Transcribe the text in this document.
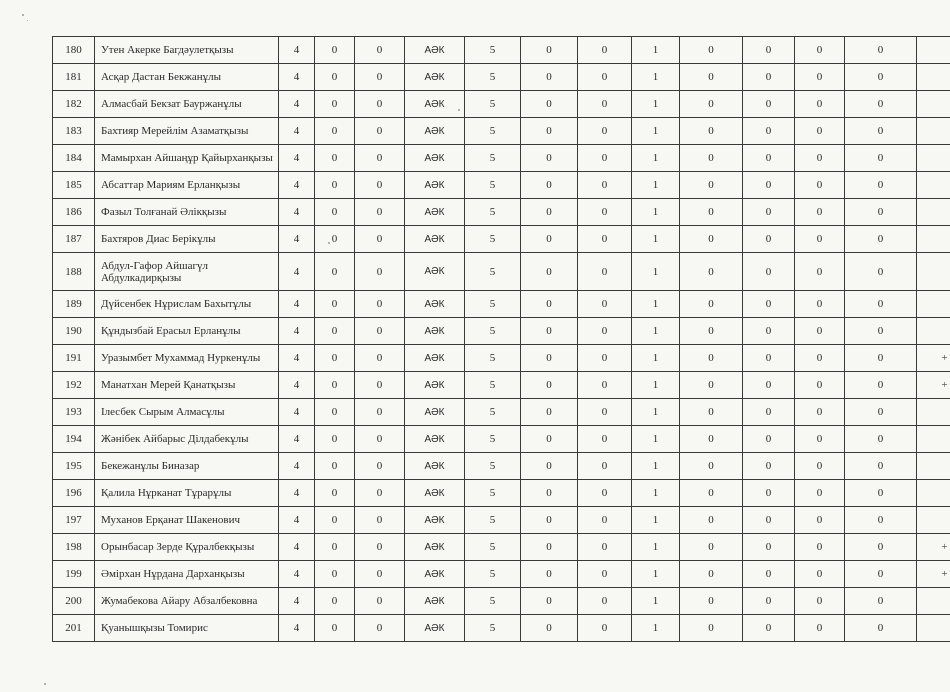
180	Утен Акерке Багдәулетқызы	4	0	0	АӘК	5	0	0	1	0	0	0	0	
181	Асқар Дастан Бекжанұлы	4	0	0	АӘК	5	0	0	1	0	0	0	0	
182	Алмасбай Бекзат Бауржанұлы	4	0	0	АӘК	5	0	0	1	0	0	0	0	
183	Бахтияр Мерейлім Азаматқызы	4	0	0	АӘК	5	0	0	1	0	0	0	0	
184	Мамырхан Айшаңұр Қайырханқызы	4	0	0	АӘК	5	0	0	1	0	0	0	0	
185	Абсаттар Мариям Ерланқызы	4	0	0	АӘК	5	0	0	1	0	0	0	0	
186	Фазыл Толғанай Әлікқызы	4	0	0	АӘК	5	0	0	1	0	0	0	0	
187	Бахтяров Диас Берікұлы	4	0	0	АӘК	5	0	0	1	0	0	0	0	
188	Абдул-Гафор Айшагүл Абдулкадирқызы	4	0	0	АӘК	5	0	0	1	0	0	0	0	
189	Дүйсенбек Нұрислам Бахытұлы	4	0	0	АӘК	5	0	0	1	0	0	0	0	
190	Құндызбай Ерасыл Ерланұлы	4	0	0	АӘК	5	0	0	1	0	0	0	0	
191	Уразымбет Мухаммад Нуркенұлы	4	0	0	АӘК	5	0	0	1	0	0	0	0	+
192	Манатхан Мерей Қанатқызы	4	0	0	АӘК	5	0	0	1	0	0	0	0	+
193	Ілесбек Сырым Алмасұлы	4	0	0	АӘК	5	0	0	1	0	0	0	0	
194	Жәнібек Айбарыс Ділдабекұлы	4	0	0	АӘК	5	0	0	1	0	0	0	0	
195	Бекежанұлы Биназар	4	0	0	АӘК	5	0	0	1	0	0	0	0	
196	Қалила Нұрканат Тұрарұлы	4	0	0	АӘК	5	0	0	1	0	0	0	0	
197	Муханов Ерқанат Шакенович	4	0	0	АӘК	5	0	0	1	0	0	0	0	
198	Орынбасар Зерде Құралбекқызы	4	0	0	АӘК	5	0	0	1	0	0	0	0	+
199	Әмірхан Нұрдана Дарханқызы	4	0	0	АӘК	5	0	0	1	0	0	0	0	+
200	Жумабекова Айару Абзалбековна	4	0	0	АӘК	5	0	0	1	0	0	0	0	
201	Қуанышқызы Томирис	4	0	0	АӘК	5	0	0	1	0	0	0	0	
